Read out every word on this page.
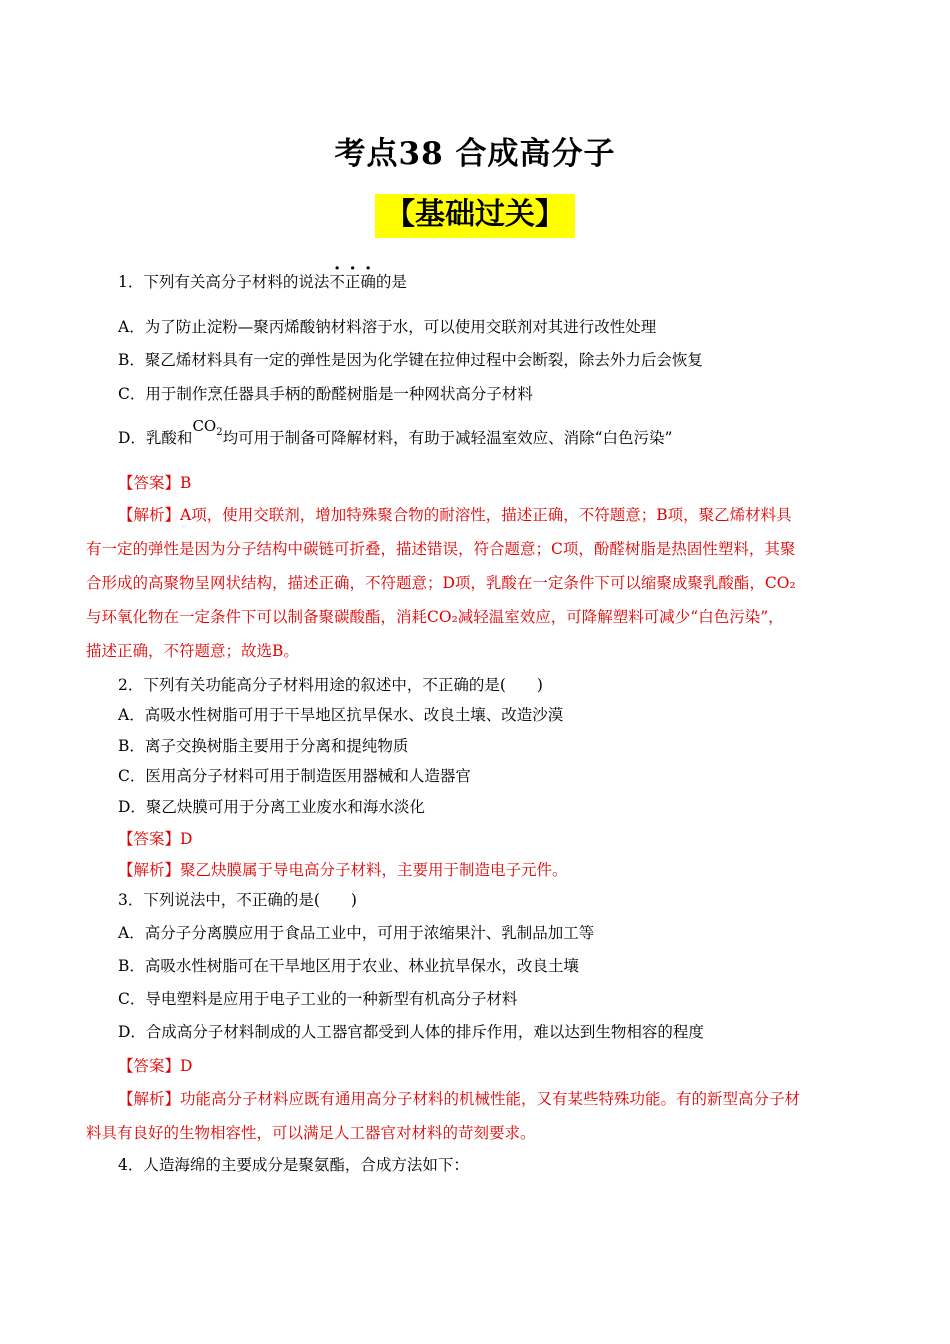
考点38 合成高分子
【基础过关】
1．下列有关高分子材料的说法不正确的是
A．为了防止淀粉—聚丙烯酸钠材料溶于水，可以使用交联剂对其进行改性处理
B．聚乙烯材料具有一定的弹性是因为化学键在拉伸过程中会断裂，除去外力后会恢复
C．用于制作烹任器具手柄的酚醛树脂是一种网状高分子材料
D．乳酸和$CO_2$均可用于制备可降解材料，有助于减轻温室效应、消除“白色污染”
【答案】B
【解析】A项，使用交联剂，增加特殊聚合物的耐溶性，描述正确，不符题意；B项，聚乙烯材料具
有一定的弹性是因为分子结构中碳链可折叠，描述错误，符合题意；C项，酚醛树脂是热固性塑料，其聚
合形成的高聚物呈网状结构，描述正确，不符题意；D项，乳酸在一定条件下可以缩聚成聚乳酸酯，CO₂
与环氧化物在一定条件下可以制备聚碳酸酯，消耗CO₂减轻温室效应，可降解塑料可减少“白色污染”，
描述正确，不符题意；故选B。
2．下列有关功能高分子材料用途的叙述中，不正确的是(　　)
A．高吸水性树脂可用于干旱地区抗旱保水、改良土壤、改造沙漠
B．离子交换树脂主要用于分离和提纯物质
C．医用高分子材料可用于制造医用器械和人造器官
D．聚乙炔膜可用于分离工业废水和海水淡化
【答案】D
【解析】聚乙炔膜属于导电高分子材料，主要用于制造电子元件。
3．下列说法中，不正确的是(　　)
A．高分子分离膜应用于食品工业中，可用于浓缩果汁、乳制品加工等
B．高吸水性树脂可在干旱地区用于农业、林业抗旱保水，改良土壤
C．导电塑料是应用于电子工业的一种新型有机高分子材料
D．合成高分子材料制成的人工器官都受到人体的排斥作用，难以达到生物相容的程度
【答案】D
【解析】功能高分子材料应既有通用高分子材料的机械性能，又有某些特殊功能。有的新型高分子材
料具有良好的生物相容性，可以满足人工器官对材料的苛刻要求。
4．人造海绵的主要成分是聚氨酯，合成方法如下：
